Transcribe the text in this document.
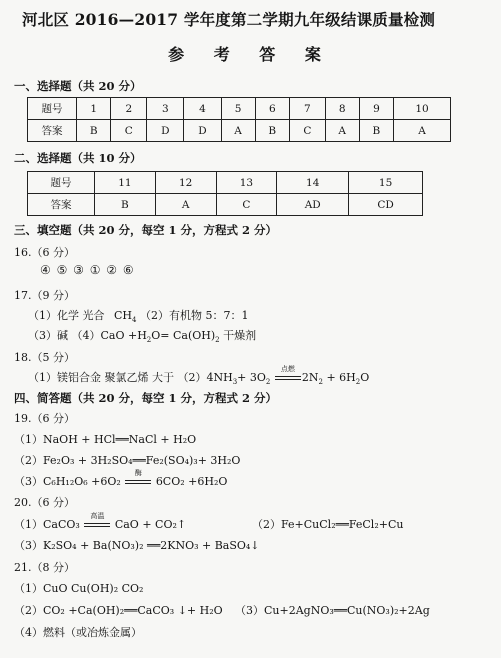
河北区 2016—2017 学年度第二学期九年级结课质量检测
参 考 答 案
一、选择题（共 20 分）
题号	1	2	3	4	5	6	7	8	9	10
答案	B	C	D	D	A	B	C	A	B	A
二、选择题（共 10 分）
题号	11	12	13	14	15
答案	B	A	C	AD	CD
三、填空题（共 20 分，每空 1 分，方程式 2 分）
16.（6 分）
④ ⑤ ③ ① ② ⑥
17.（9 分）
（1）化学 光合 $CH_4$ （2）有机物 5：7：1
（3）碱 $(4)CaO +H_2O= Ca(OH)_2$ 干燥剂
18.（5 分）
（1）镁铝合金 聚氯乙烯 大于 $(2)4NH_3+ 3O_2$
点燃
$2N_2 + 6H_2O$
四、简答题（共 20 分，每空 1 分，方程式 2 分）
19.（6 分）
（1）NaOH + HCl══NaCl + H₂O
（2）Fe₂O₃ + 3H₂SO₄══Fe₂(SO₄)₃+ 3H₂O
（3）C₆H₁₂O₆ +6O₂
酶
6CO₂ +6H₂O
20.（6 分）
（1）CaCO₃
高温
CaO + CO₂↑	（2）Fe+CuCl₂══FeCl₂+Cu
（3）K₂SO₄ + Ba(NO₃)₂ ══2KNO₃ + BaSO₄↓
21.（8 分）
（1）CuO Cu(OH)₂ CO₂
（2）CO₂ +Ca(OH)₂══CaCO₃ ↓+ H₂O （3）Cu+2AgNO₃══Cu(NO₃)₂+2Ag
（4）燃料（或冶炼金属）
